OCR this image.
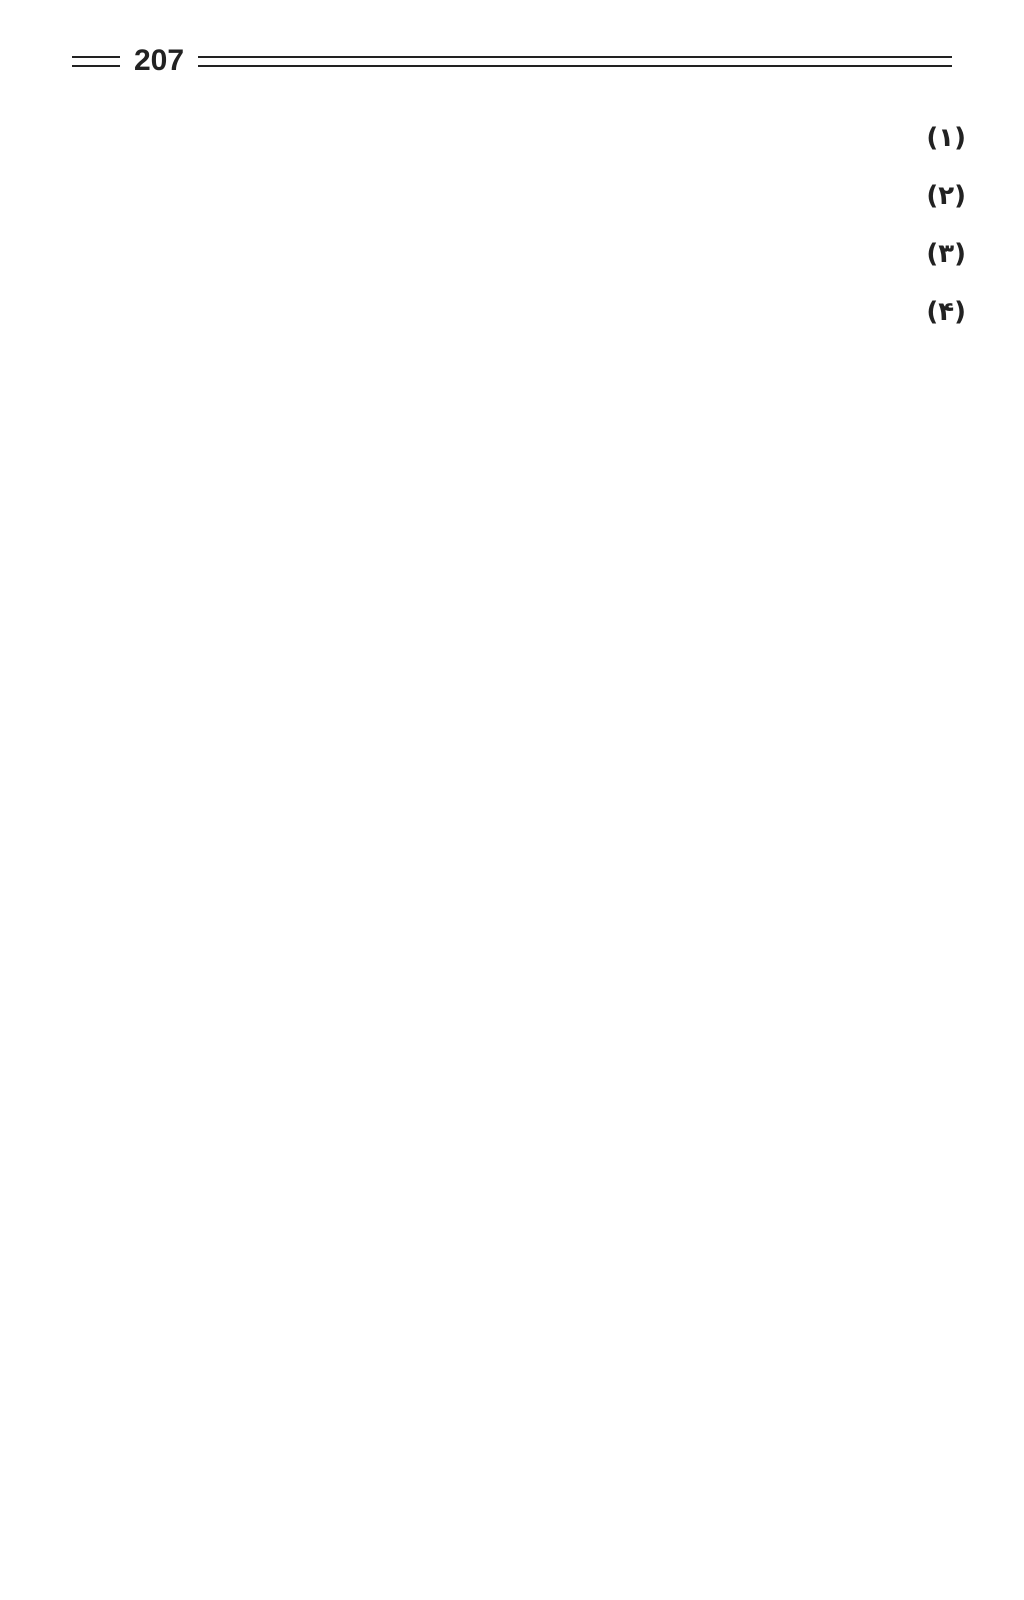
207
(۱)
(۲)
(۳)
(۴)
